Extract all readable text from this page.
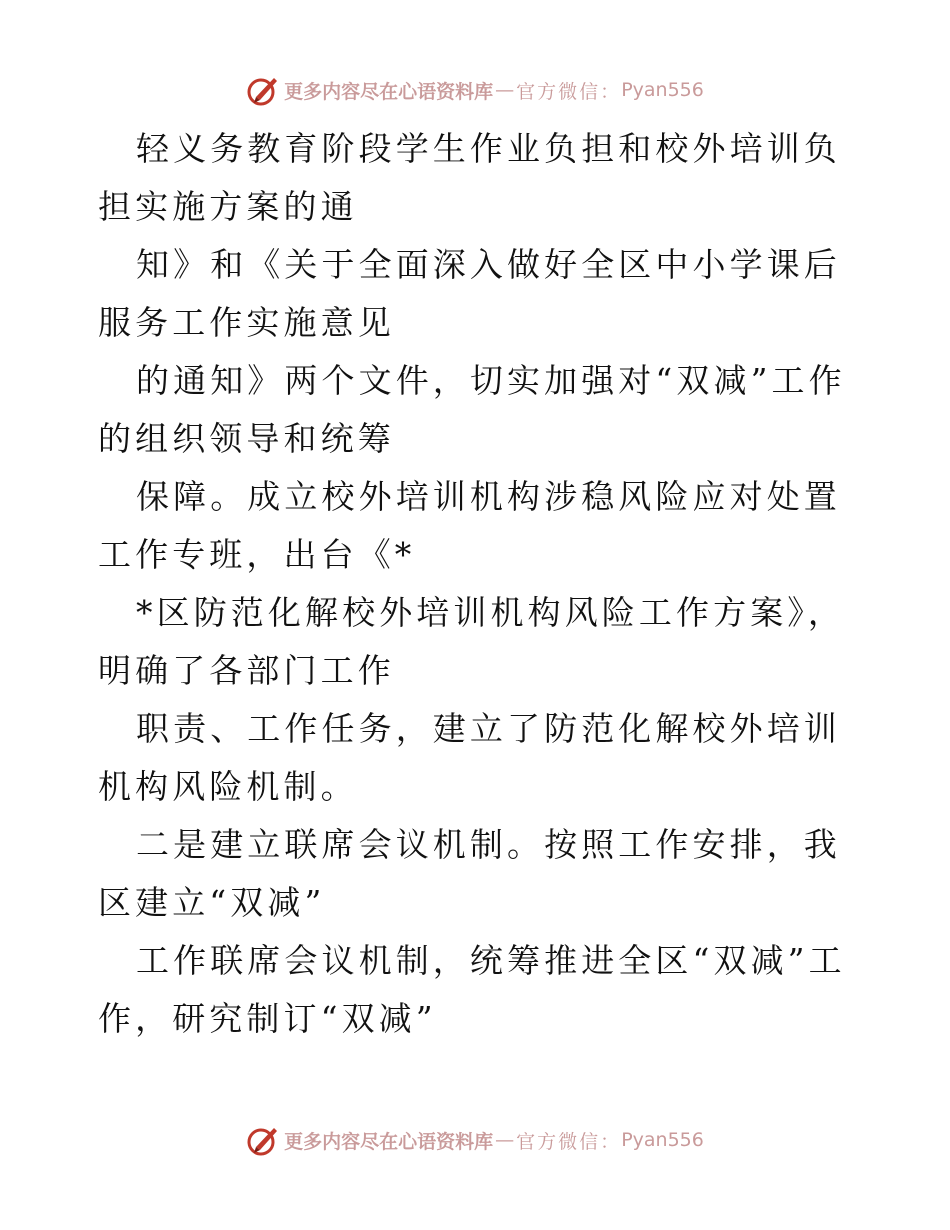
更多内容尽在心语资料库 — 官方微信： Pyan556

轻义务教育阶段学生作业负担和校外培训负担实施方案的通

知》和《关于全面深入做好全区中小学课后服务工作实施意见

的通知》两个文件，切实加强对“双减”工作的组织领导和统筹

保障。成立校外培训机构涉稳风险应对处置工作专班，出台《*

*区防范化解校外培训机构风险工作方案》，明确了各部门工作

职责、工作任务，建立了防范化解校外培训机构风险机制。

二是建立联席会议机制。按照工作安排，我区建立“双减”

工作联席会议机制，统筹推进全区“双减”工作，研究制订“双减”

更多内容尽在心语资料库 — 官方微信： Pyan556
